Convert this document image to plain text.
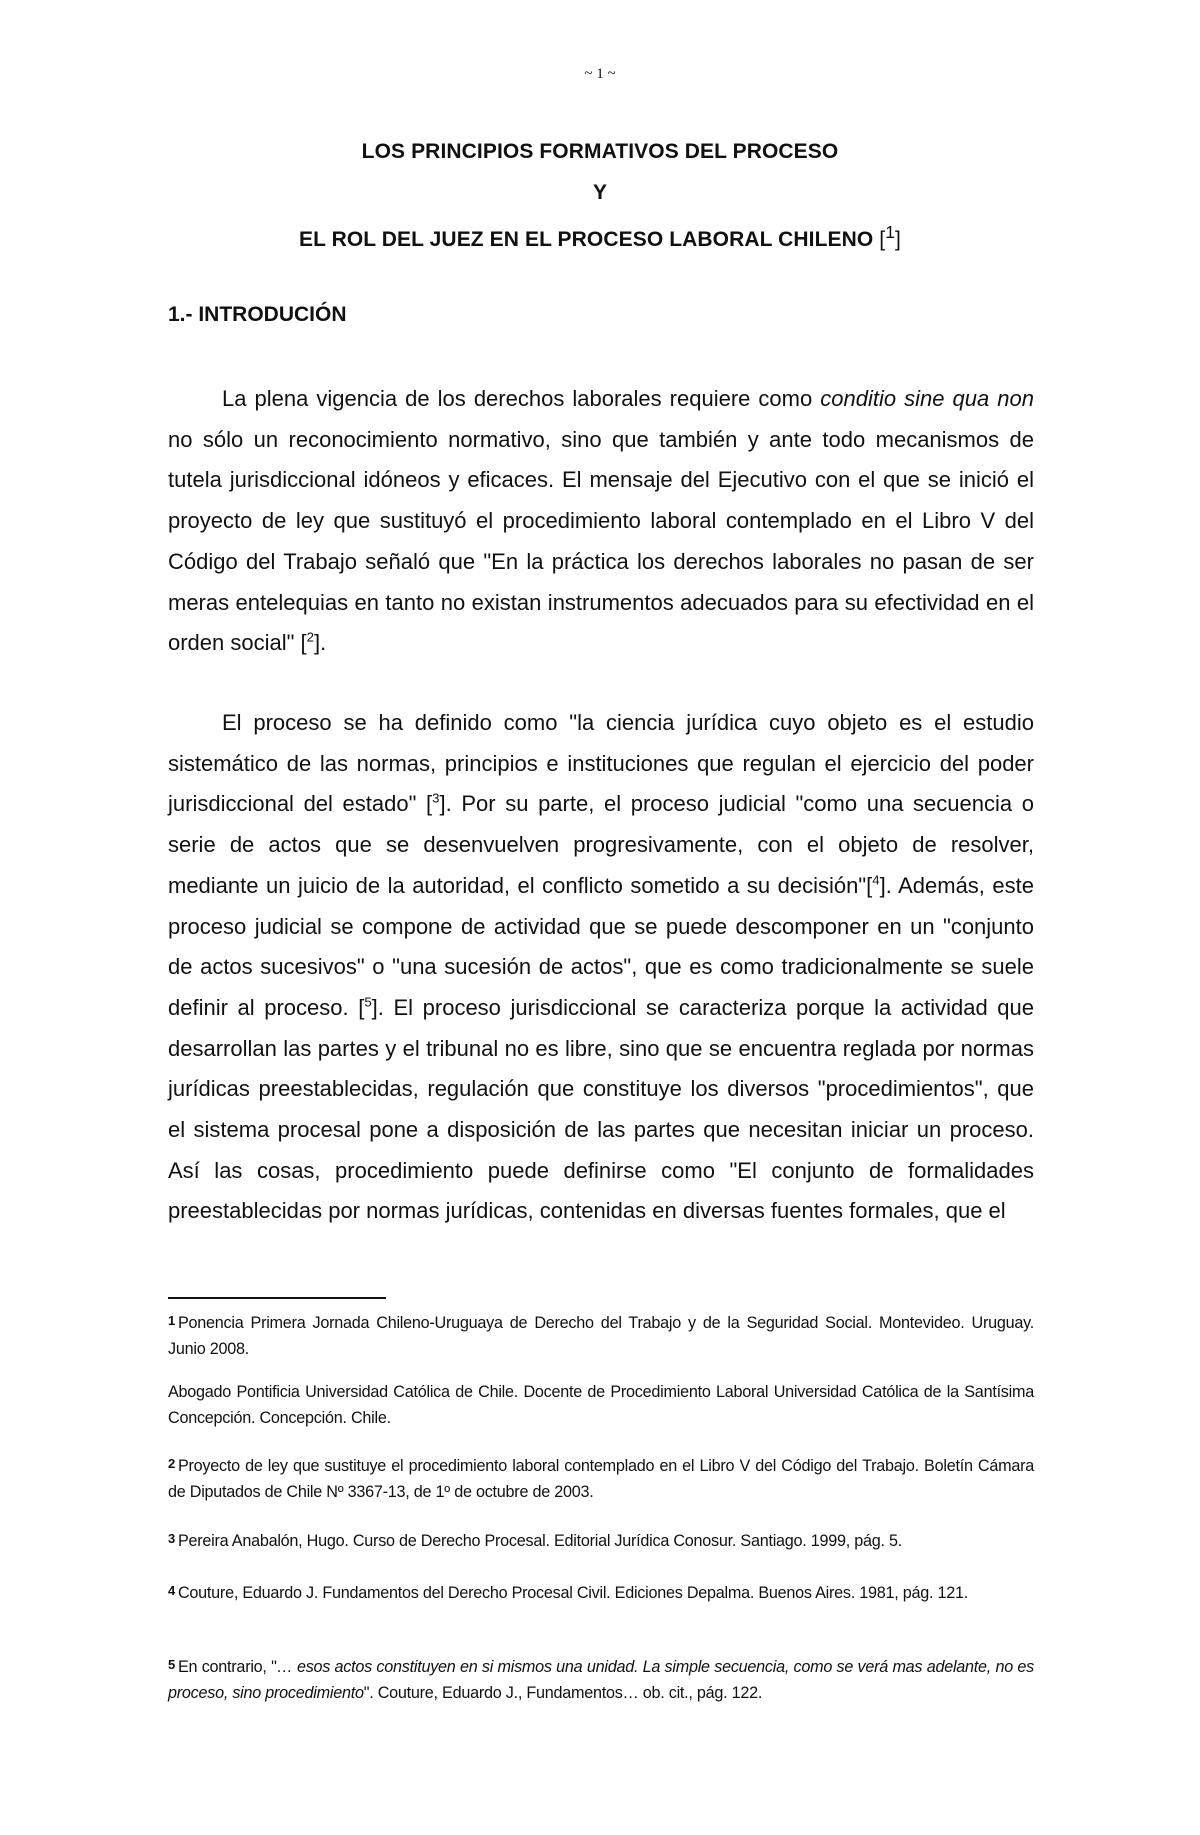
~ 1 ~
LOS PRINCIPIOS FORMATIVOS DEL PROCESO
Y
EL ROL DEL JUEZ EN EL PROCESO LABORAL CHILENO [$^1$]
1.- INTRODUCIÓN

La plena vigencia de los derechos laborales requiere como conditio sine qua non no sólo un reconocimiento normativo, sino que también y ante todo mecanismos de tutela jurisdiccional idóneos y eficaces. El mensaje del Ejecutivo con el que se inició el proyecto de ley que sustituyó el procedimiento laboral contemplado en el Libro V del Código del Trabajo señaló que "En la práctica los derechos laborales no pasan de ser meras entelequias en tanto no existan instrumentos adecuados para su efectividad en el orden social" [$^2$].

El proceso se ha definido como "la ciencia jurídica cuyo objeto es el estudio sistemático de las normas, principios e instituciones que regulan el ejercicio del poder jurisdiccional del estado" [$^3$]. Por su parte, el proceso judicial "como una secuencia o serie de actos que se desenvuelven progresivamente, con el objeto de resolver, mediante un juicio de la autoridad, el conflicto sometido a su decisión"[$^4$]. Además, este proceso judicial se compone de actividad que se puede descomponer en un "conjunto de actos sucesivos" o "una sucesión de actos", que es como tradicionalmente se suele definir al proceso. [$^5$]. El proceso jurisdiccional se caracteriza porque la actividad que desarrollan las partes y el tribunal no es libre, sino que se encuentra reglada por normas jurídicas preestablecidas, regulación que constituye los diversos "procedimientos", que el sistema procesal pone a disposición de las partes que necesitan iniciar un proceso. Así las cosas, procedimiento puede definirse como "El conjunto de formalidades preestablecidas por normas jurídicas, contenidas en diversas fuentes formales, que el

1 Ponencia Primera Jornada Chileno-Uruguaya de Derecho del Trabajo y de la Seguridad Social. Montevideo. Uruguay. Junio 2008.

Abogado Pontificia Universidad Católica de Chile. Docente de Procedimiento Laboral Universidad Católica de la Santísima Concepción. Concepción. Chile.

2 Proyecto de ley que sustituye el procedimiento laboral contemplado en el Libro V del Código del Trabajo. Boletín Cámara de Diputados de Chile Nº 3367-13, de 1º de octubre de 2003.

3 Pereira Anabalón, Hugo. Curso de Derecho Procesal. Editorial Jurídica Conosur. Santiago. 1999, pág. 5.

4 Couture, Eduardo J. Fundamentos del Derecho Procesal Civil. Ediciones Depalma. Buenos Aires. 1981, pág. 121.

5 En contrario, "… esos actos constituyen en si mismos una unidad. La simple secuencia, como se verá mas adelante, no es proceso, sino procedimiento". Couture, Eduardo J., Fundamentos… ob. cit., pág. 122.
